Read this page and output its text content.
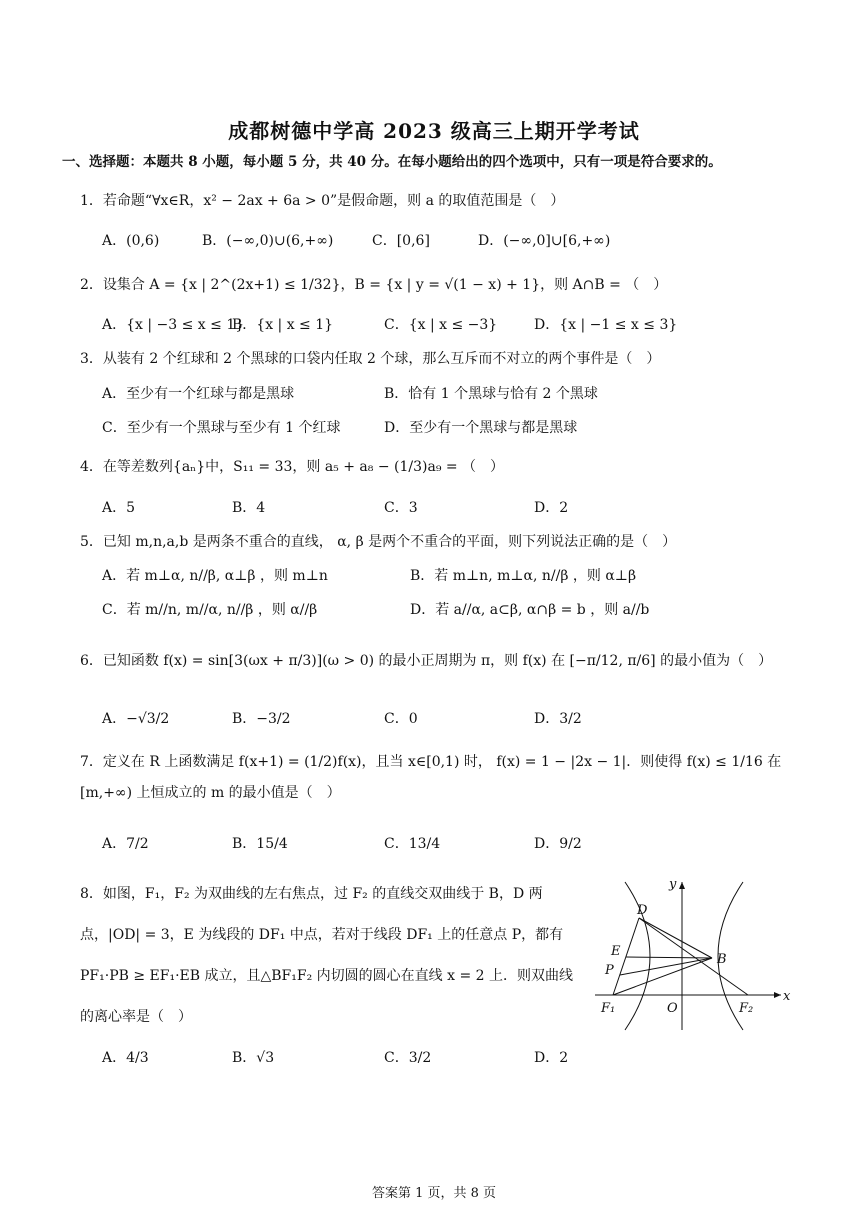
成都树德中学高 2023 级高三上期开学考试
一、选择题：本题共 8 小题，每小题 5 分，共 40 分。在每小题给出的四个选项中，只有一项是符合要求的。
1．若命题“∀x∈R，x² − 2ax + 6a > 0”是假命题，则 a 的取值范围是（　）
A．(0,6)	B．(−∞,0)∪(6,+∞)	C．[0,6]	D．(−∞,0]∪[6,+∞)
2．设集合 A = {x | 2^(2x+1) ≤ 1/32}，B = {x | y = √(1 − x) + 1}，则 A∩B = （　）
A．{x | −3 ≤ x ≤ 1}
B．{x | x ≤ 1}	C．{x | x ≤ −3}	D．{x | −1 ≤ x ≤ 3}
3．从装有 2 个红球和 2 个黑球的口袋内任取 2 个球，那么互斥而不对立的两个事件是（　）
A．至少有一个红球与都是黑球	B．恰有 1 个黑球与恰有 2 个黑球
C．至少有一个黑球与至少有 1 个红球	D．至少有一个黑球与都是黑球
4．在等差数列{aₙ}中，S₁₁ = 33，则 a₅ + a₈ − (1/3)a₉ = （　）
A．5	B．4	C．3	D．2
5．已知 m,n,a,b 是两条不重合的直线， α, β 是两个不重合的平面，则下列说法正确的是（　）
A．若 m⊥α, n//β, α⊥β ，则 m⊥n	B．若 m⊥n, m⊥α, n//β ，则 α⊥β
C．若 m//n, m//α, n//β ，则 α//β	D．若 a//α, a⊂β, α∩β = b ，则 a//b
6．已知函数 f(x) = sin[3(ωx + π/3)](ω > 0) 的最小正周期为 π，则 f(x) 在 [−π/12, π/6] 的最小值为（　）
A．−√3/2	B．−3/2	C．0	D．3/2
7．定义在 R 上函数满足 f(x+1) = (1/2)f(x)，且当 x∈[0,1) 时， f(x) = 1 − |2x − 1|．则使得 f(x) ≤ 1/16 在 [m,+∞) 上恒成立的 m 的最小值是（　）
A．7/2	B．15/4	C．13/4	D．9/2
8．如图，F₁，F₂ 为双曲线的左右焦点，过 F₂ 的直线交双曲线于 B，D 两点，|OD| = 3，E 为线段的 DF₁ 中点，若对于线段 DF₁ 上的任意点 P，都有 PF₁·PB ≥ EF₁·EB 成立，且△BF₁F₂ 内切圆的圆心在直线 x = 2 上．则双曲线的离心率是（　）
A．4/3	B．√3	C．3/2	D．2
y
x
D
E
P
B
F₁	O	F₂
答案第 1 页，共 8 页
